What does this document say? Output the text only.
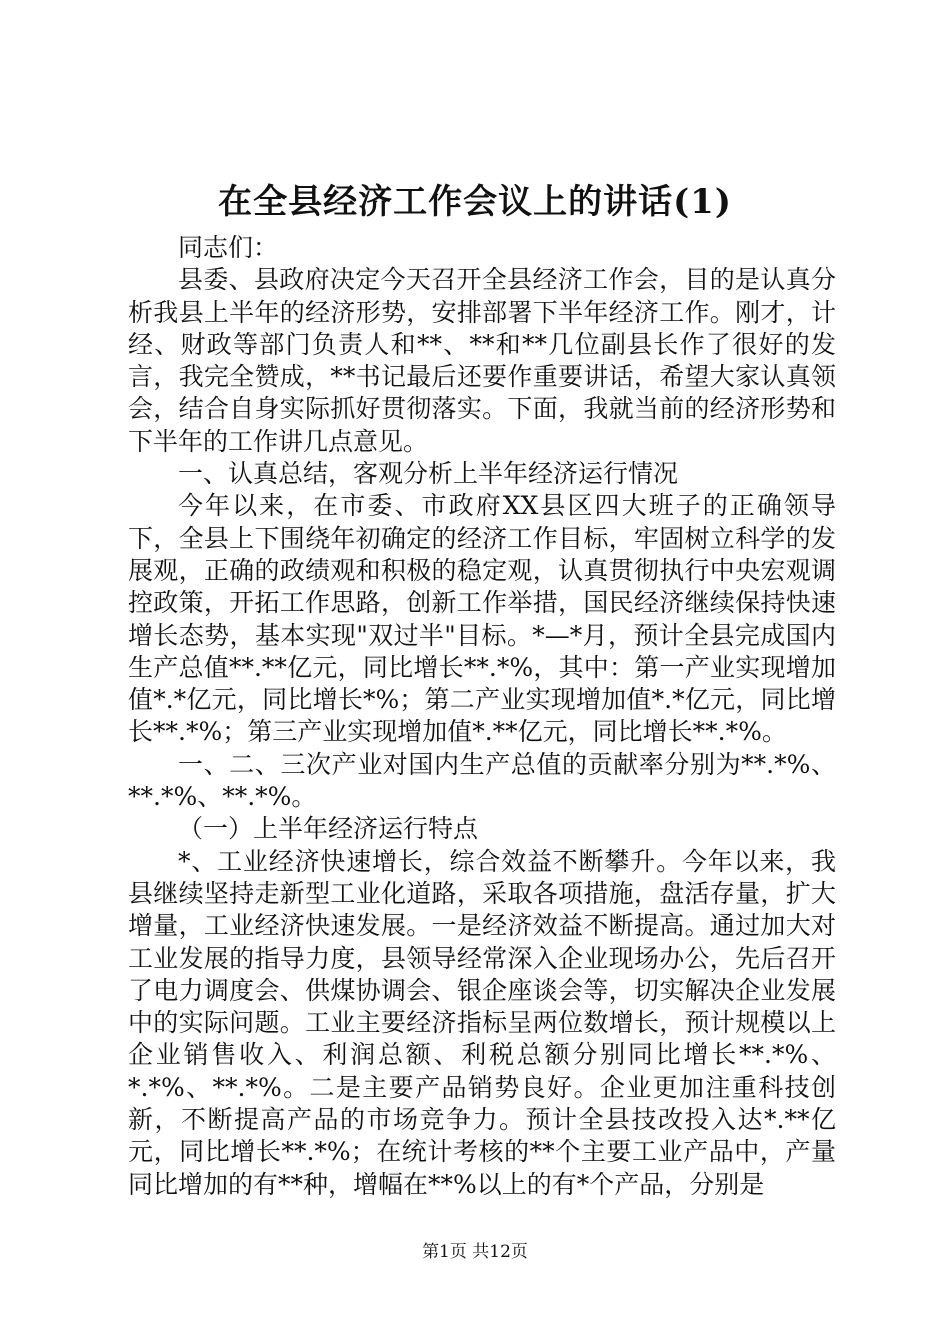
在全县经济工作会议上的讲话(1)

同志们：

县委、县政府决定今天召开全县经济工作会，目的是认真分析我县上半年的经济形势，安排部署下半年经济工作。刚才，计经、财政等部门负责人和**、**和**几位副县长作了很好的发言，我完全赞成，**书记最后还要作重要讲话，希望大家认真领会，结合自身实际抓好贯彻落实。下面，我就当前的经济形势和下半年的工作讲几点意见。

一、认真总结，客观分析上半年经济运行情况

今年以来，在市委、市政府XX县区四大班子的正确领导下，全县上下围绕年初确定的经济工作目标，牢固树立科学的发展观，正确的政绩观和积极的稳定观，认真贯彻执行中央宏观调控政策，开拓工作思路，创新工作举措，国民经济继续保持快速增长态势，基本实现"双过半"目标。*—*月，预计全县完成国内生产总值**.**亿元，同比增长**.*%，其中：第一产业实现增加值*.*亿元，同比增长*%；第二产业实现增加值*.*亿元，同比增长**.*%；第三产业实现增加值*.**亿元，同比增长**.*%。

一、二、三次产业对国内生产总值的贡献率分别为**.*%、**.*%、**.*%。

（一）上半年经济运行特点

*、工业经济快速增长，综合效益不断攀升。今年以来，我县继续坚持走新型工业化道路，采取各项措施，盘活存量，扩大增量，工业经济快速发展。一是经济效益不断提高。通过加大对工业发展的指导力度，县领导经常深入企业现场办公，先后召开了电力调度会、供煤协调会、银企座谈会等，切实解决企业发展中的实际问题。工业主要经济指标呈两位数增长，预计规模以上企业销售收入、利润总额、利税总额分别同比增长**.*%、*.*%、**.*%。二是主要产品销势良好。企业更加注重科技创新，不断提高产品的市场竞争力。预计全县技改投入达*.**亿元，同比增长**.*%；在统计考核的**个主要工业产品中，产量同比增加的有**种，增幅在**%以上的有*个产品，分别是

第1页 共12页
